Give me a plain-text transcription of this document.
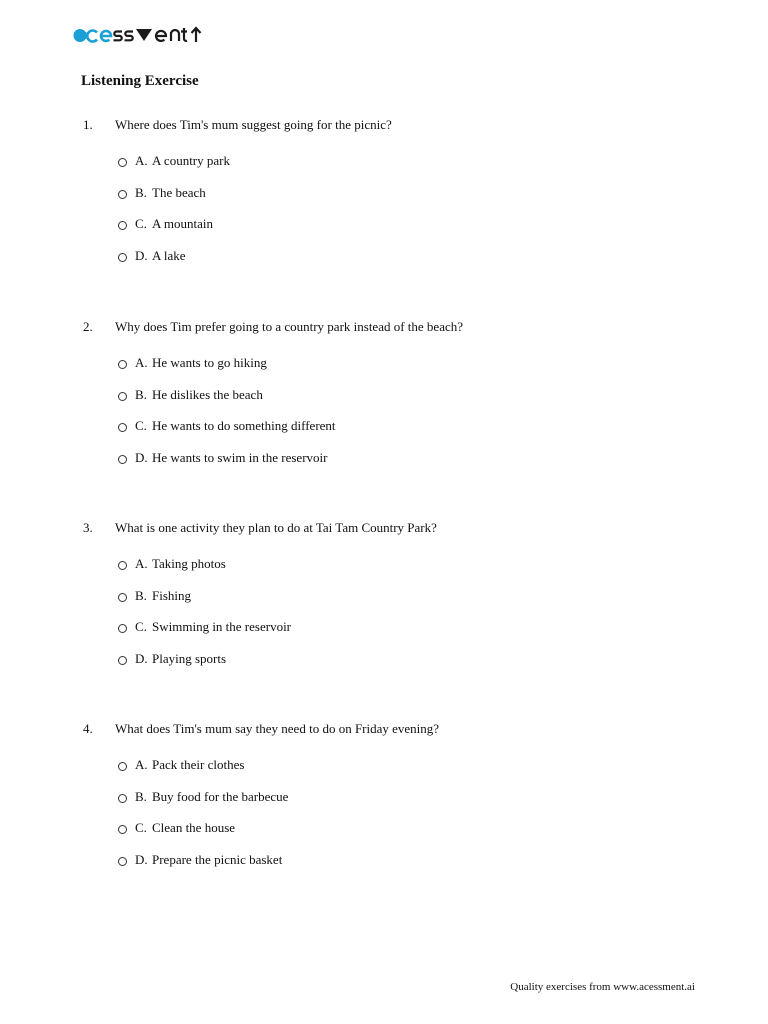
Listening Exercise
1. Where does Tim's mum suggest going for the picnic?
A. A country park
B. The beach
C. A mountain
D. A lake
2. Why does Tim prefer going to a country park instead of the beach?
A. He wants to go hiking
B. He dislikes the beach
C. He wants to do something different
D. He wants to swim in the reservoir
3. What is one activity they plan to do at Tai Tam Country Park?
A. Taking photos
B. Fishing
C. Swimming in the reservoir
D. Playing sports
4. What does Tim's mum say they need to do on Friday evening?
A. Pack their clothes
B. Buy food for the barbecue
C. Clean the house
D. Prepare the picnic basket
Quality exercises from www.acessment.ai
